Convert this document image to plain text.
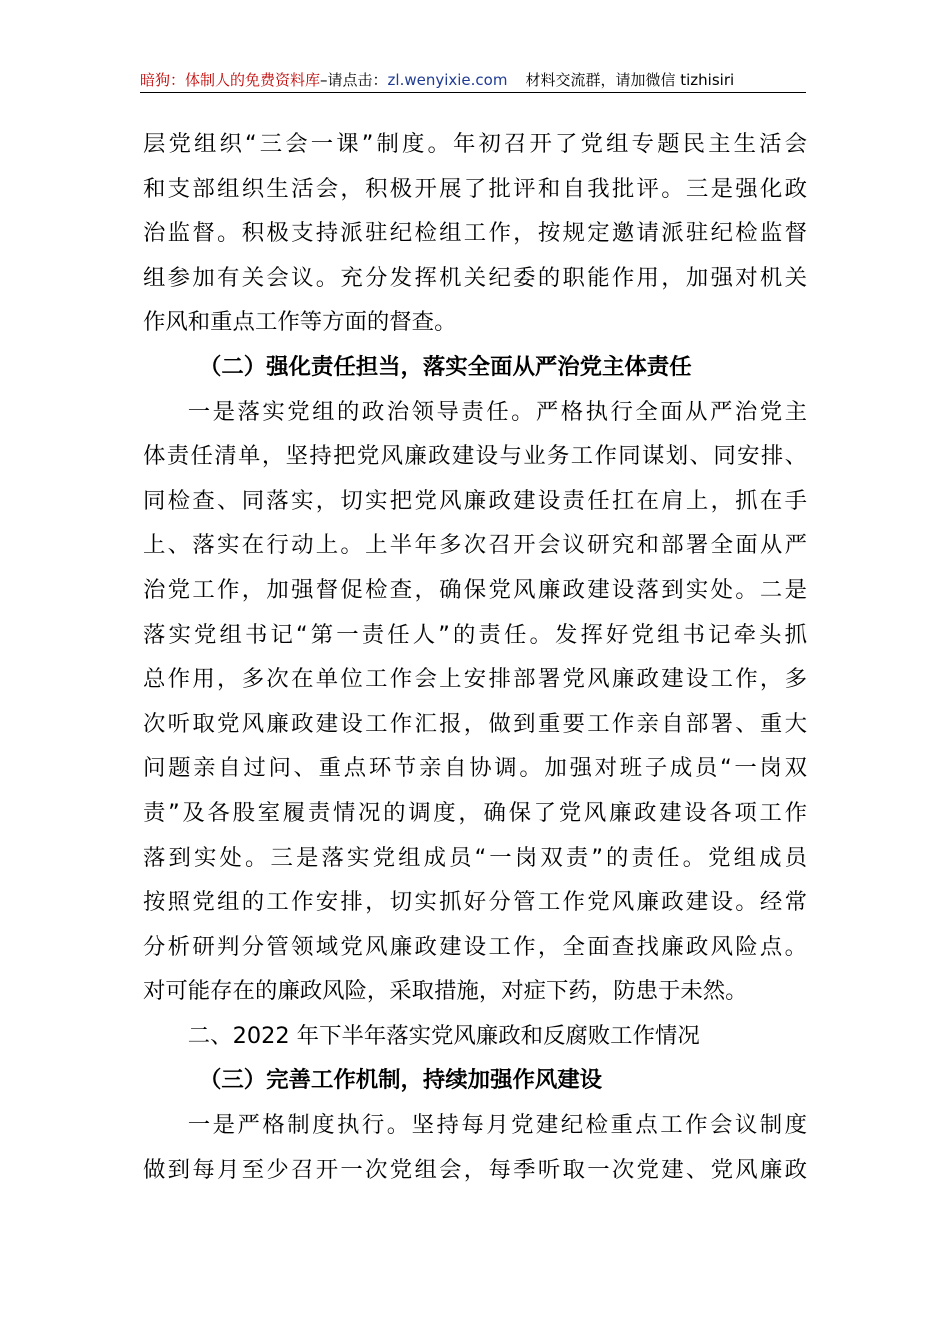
暗狗：体制人的免费资料库–请点击：zl.wenyixie.com 材料交流群，请加微信 tizhisiri
层党组织“三会一课”制度。年初召开了党组专题民主生活会
和支部组织生活会，积极开展了批评和自我批评。三是强化政
治监督。积极支持派驻纪检组工作，按规定邀请派驻纪检监督
组参加有关会议。充分发挥机关纪委的职能作用，加强对机关
作风和重点工作等方面的督查。
（二）强化责任担当，落实全面从严治党主体责任
一是落实党组的政治领导责任。严格执行全面从严治党主
体责任清单，坚持把党风廉政建设与业务工作同谋划、同安排、
同检查、同落实，切实把党风廉政建设责任扛在肩上，抓在手
上、落实在行动上。上半年多次召开会议研究和部署全面从严
治党工作，加强督促检查，确保党风廉政建设落到实处。二是
落实党组书记“第一责任人”的责任。发挥好党组书记牵头抓
总作用，多次在单位工作会上安排部署党风廉政建设工作，多
次听取党风廉政建设工作汇报，做到重要工作亲自部署、重大
问题亲自过问、重点环节亲自协调。加强对班子成员“一岗双
责”及各股室履责情况的调度，确保了党风廉政建设各项工作
落到实处。三是落实党组成员“一岗双责”的责任。党组成员
按照党组的工作安排，切实抓好分管工作党风廉政建设。经常
分析研判分管领域党风廉政建设工作，全面查找廉政风险点。
对可能存在的廉政风险，采取措施，对症下药，防患于未然。
二、2022 年下半年落实党风廉政和反腐败工作情况
（三）完善工作机制，持续加强作风建设
一是严格制度执行。坚持每月党建纪检重点工作会议制度
做到每月至少召开一次党组会，每季听取一次党建、党风廉政
